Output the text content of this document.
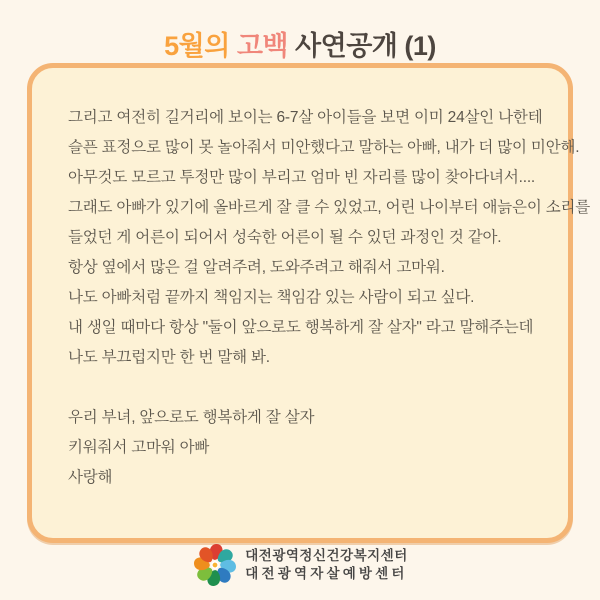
5월의 고백 사연공개 (1)
그리고 여전히 길거리에 보이는 6-7살 아이들을 보면 이미 24살인 나한테
슬픈 표정으로 많이 못 놀아줘서 미안했다고 말하는 아빠, 내가 더 많이 미안해.
아무것도 모르고 투정만 많이 부리고 엄마 빈 자리를 많이 찾아다녀서....
그래도 아빠가 있기에 올바르게 잘 클 수 있었고, 어린 나이부터 애늙은이 소리를
들었던 게 어른이 되어서 성숙한 어른이 될 수 있던 과정인 것 같아.
항상 옆에서 많은 걸 알려주려, 도와주려고 해줘서 고마워.
나도 아빠처럼 끝까지 책임지는 책임감 있는 사람이 되고 싶다.
내 생일 때마다 항상 "둘이 앞으로도 행복하게 잘 살자" 라고 말해주는데
나도 부끄럽지만 한 번 말해 봐.
우리 부녀, 앞으로도 행복하게 잘 살자
키워줘서 고마워 아빠
사랑해
대전광역정신건강복지센터
대전광역자살예방센터
